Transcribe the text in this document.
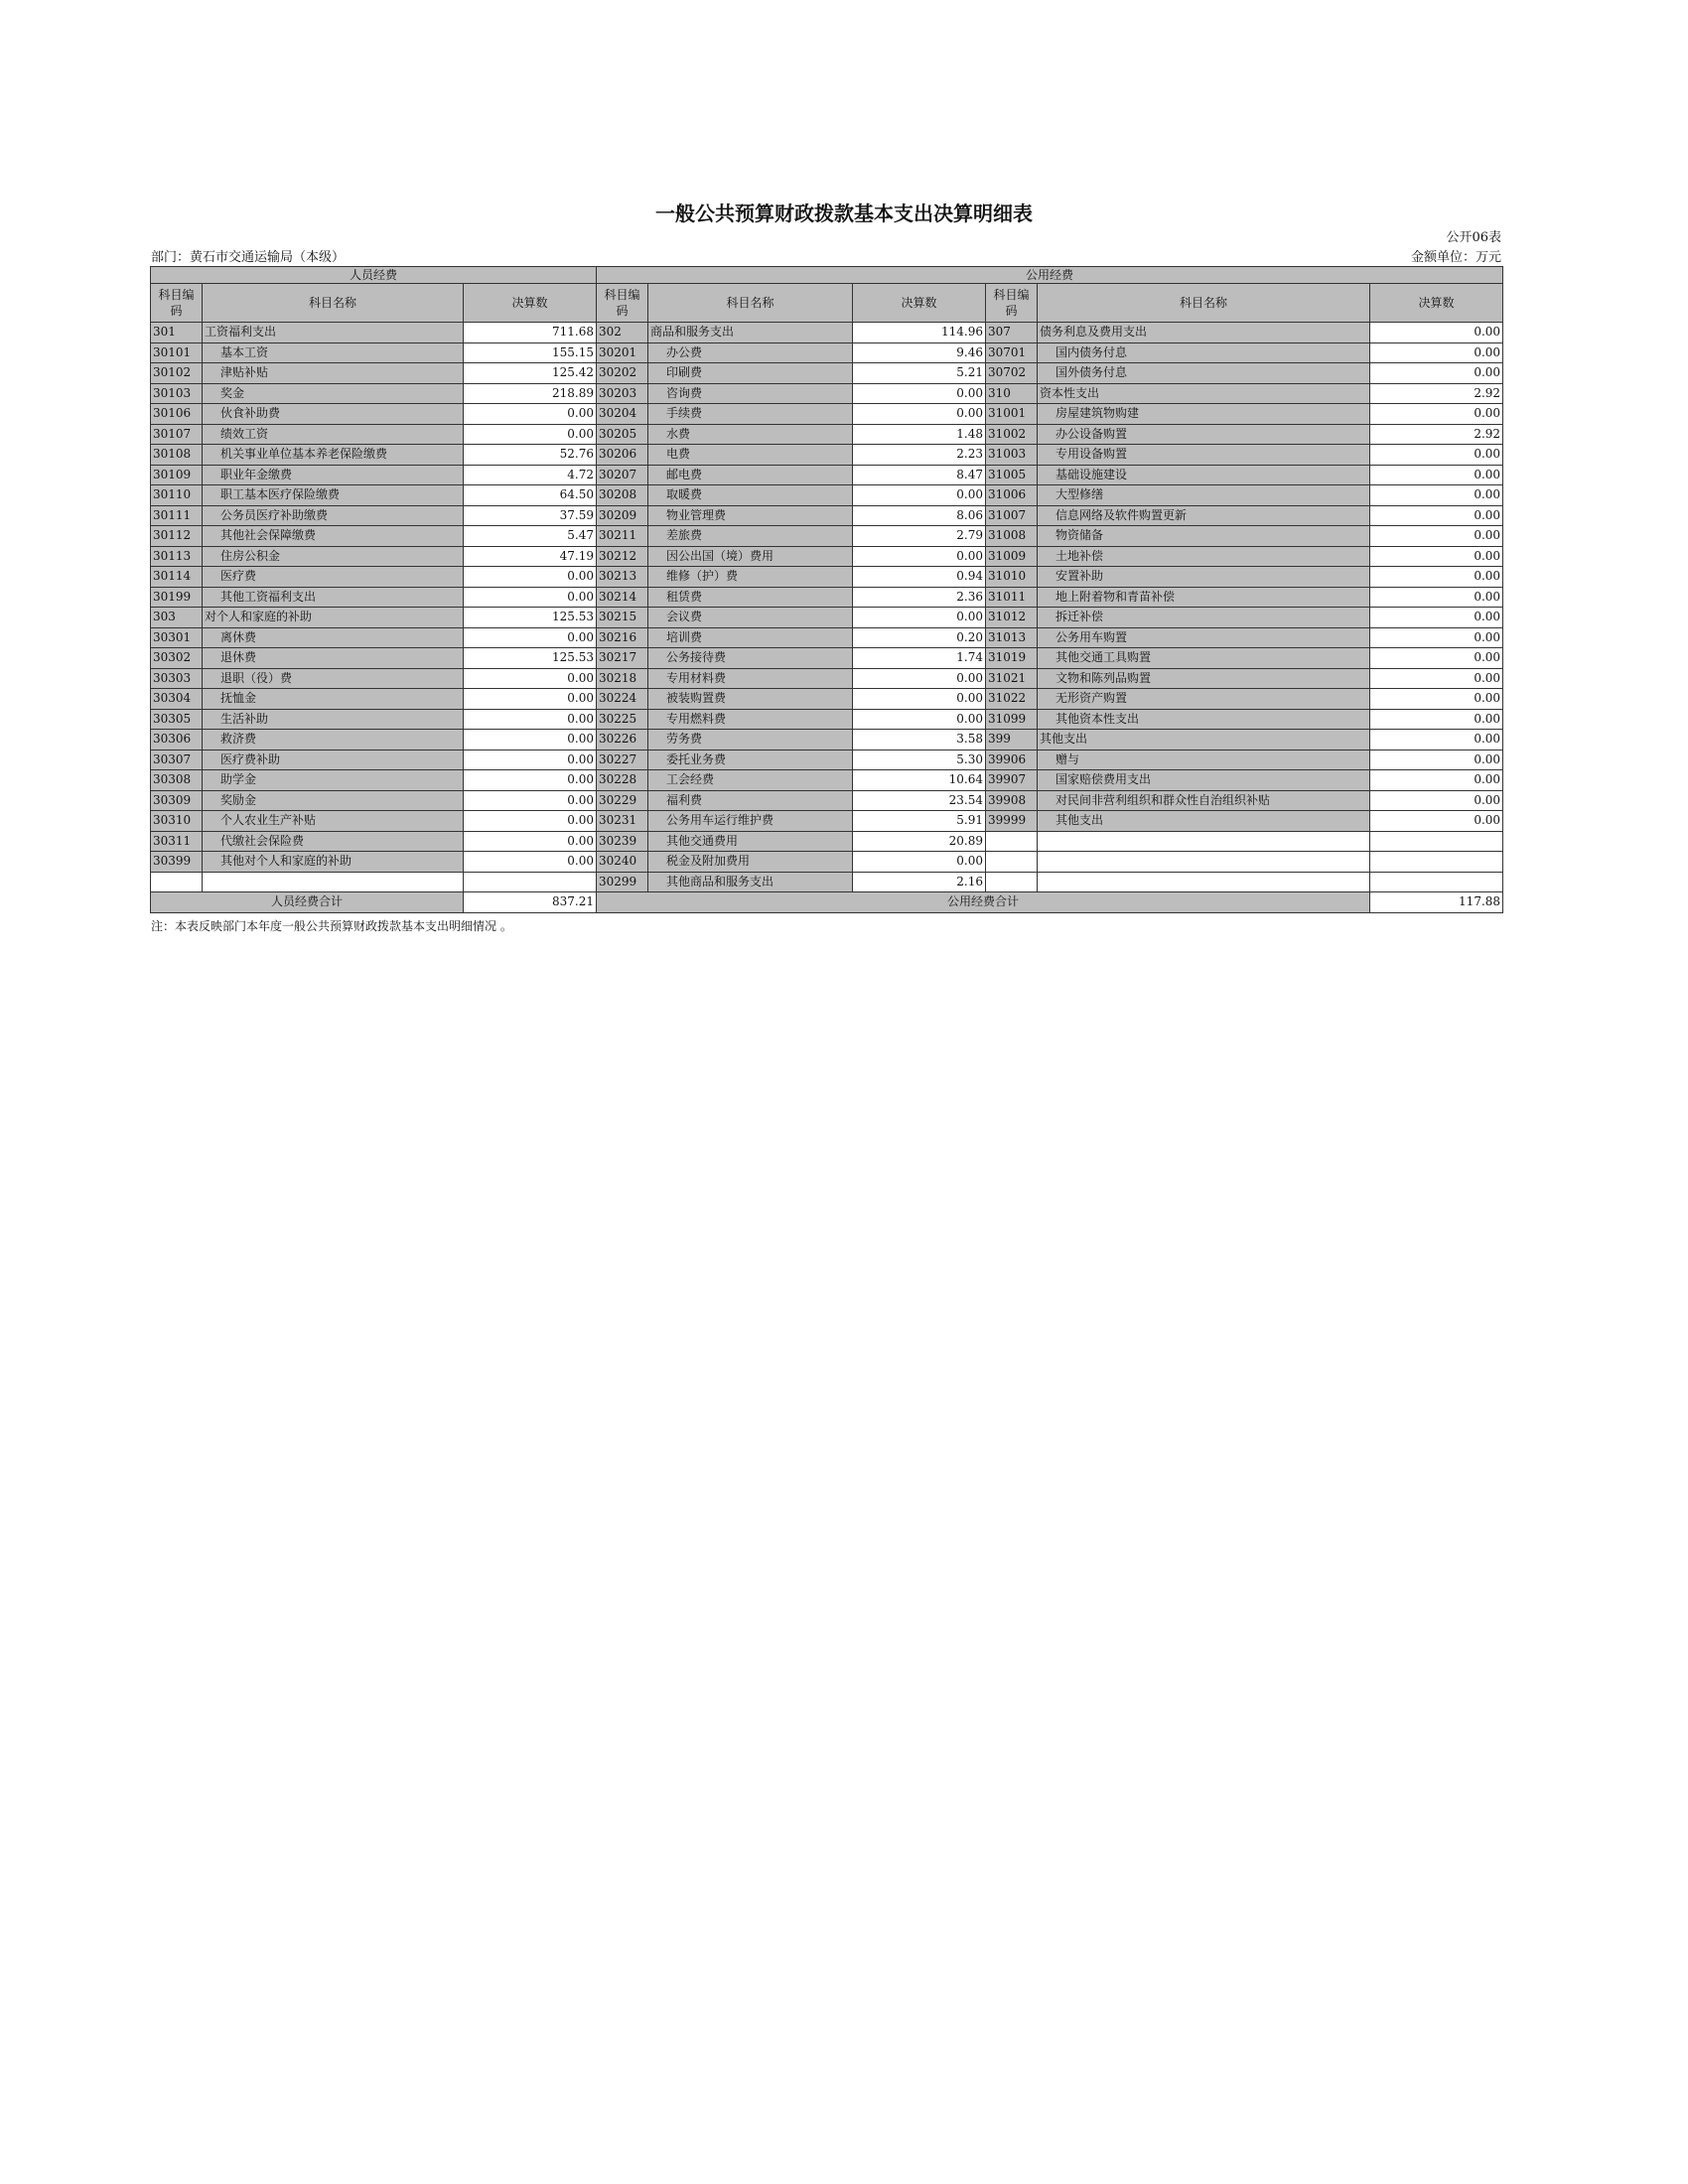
一般公共预算财政拨款基本支出决算明细表
公开06表
部门：黄石市交通运输局（本级）	金额单位：万元
人员经费			公用经费					
科目编码	科目名称	决算数	科目编码	科目名称	决算数	科目编码	科目名称	决算数
301	工资福利支出	711.68	302	商品和服务支出	114.96	307	债务利息及费用支出	0.00
30101	基本工资	155.15	30201	办公费	9.46	30701	国内债务付息	0.00
30102	津贴补贴	125.42	30202	印刷费	5.21	30702	国外债务付息	0.00
30103	奖金	218.89	30203	咨询费	0.00	310	资本性支出	2.92
30106	伙食补助费	0.00	30204	手续费	0.00	31001	房屋建筑物购建	0.00
30107	绩效工资	0.00	30205	水费	1.48	31002	办公设备购置	2.92
30108	机关事业单位基本养老保险缴费	52.76	30206	电费	2.23	31003	专用设备购置	0.00
30109	职业年金缴费	4.72	30207	邮电费	8.47	31005	基础设施建设	0.00
30110	职工基本医疗保险缴费	64.50	30208	取暖费	0.00	31006	大型修缮	0.00
30111	公务员医疗补助缴费	37.59	30209	物业管理费	8.06	31007	信息网络及软件购置更新	0.00
30112	其他社会保障缴费	5.47	30211	差旅费	2.79	31008	物资储备	0.00
30113	住房公积金	47.19	30212	因公出国（境）费用	0.00	31009	土地补偿	0.00
30114	医疗费	0.00	30213	维修（护）费	0.94	31010	安置补助	0.00
30199	其他工资福利支出	0.00	30214	租赁费	2.36	31011	地上附着物和青苗补偿	0.00
303	对个人和家庭的补助	125.53	30215	会议费	0.00	31012	拆迁补偿	0.00
30301	离休费	0.00	30216	培训费	0.20	31013	公务用车购置	0.00
30302	退休费	125.53	30217	公务接待费	1.74	31019	其他交通工具购置	0.00
30303	退职（役）费	0.00	30218	专用材料费	0.00	31021	文物和陈列品购置	0.00
30304	抚恤金	0.00	30224	被装购置费	0.00	31022	无形资产购置	0.00
30305	生活补助	0.00	30225	专用燃料费	0.00	31099	其他资本性支出	0.00
30306	救济费	0.00	30226	劳务费	3.58	399	其他支出	0.00
30307	医疗费补助	0.00	30227	委托业务费	5.30	39906	赠与	0.00
30308	助学金	0.00	30228	工会经费	10.64	39907	国家赔偿费用支出	0.00
30309	奖励金	0.00	30229	福利费	23.54	39908	对民间非营利组织和群众性自治组织补贴	0.00
30310	个人农业生产补贴	0.00	30231	公务用车运行维护费	5.91	39999	其他支出	0.00
30311	代缴社会保险费	0.00	30239	其他交通费用	20.89			
30399	其他对个人和家庭的补助	0.00	30240	税金及附加费用	0.00			
			30299	其他商品和服务支出	2.16			
人员经费合计		837.21	公用经费合计					117.88
注：本表反映部门本年度一般公共预算财政拨款基本支出明细情况 。
